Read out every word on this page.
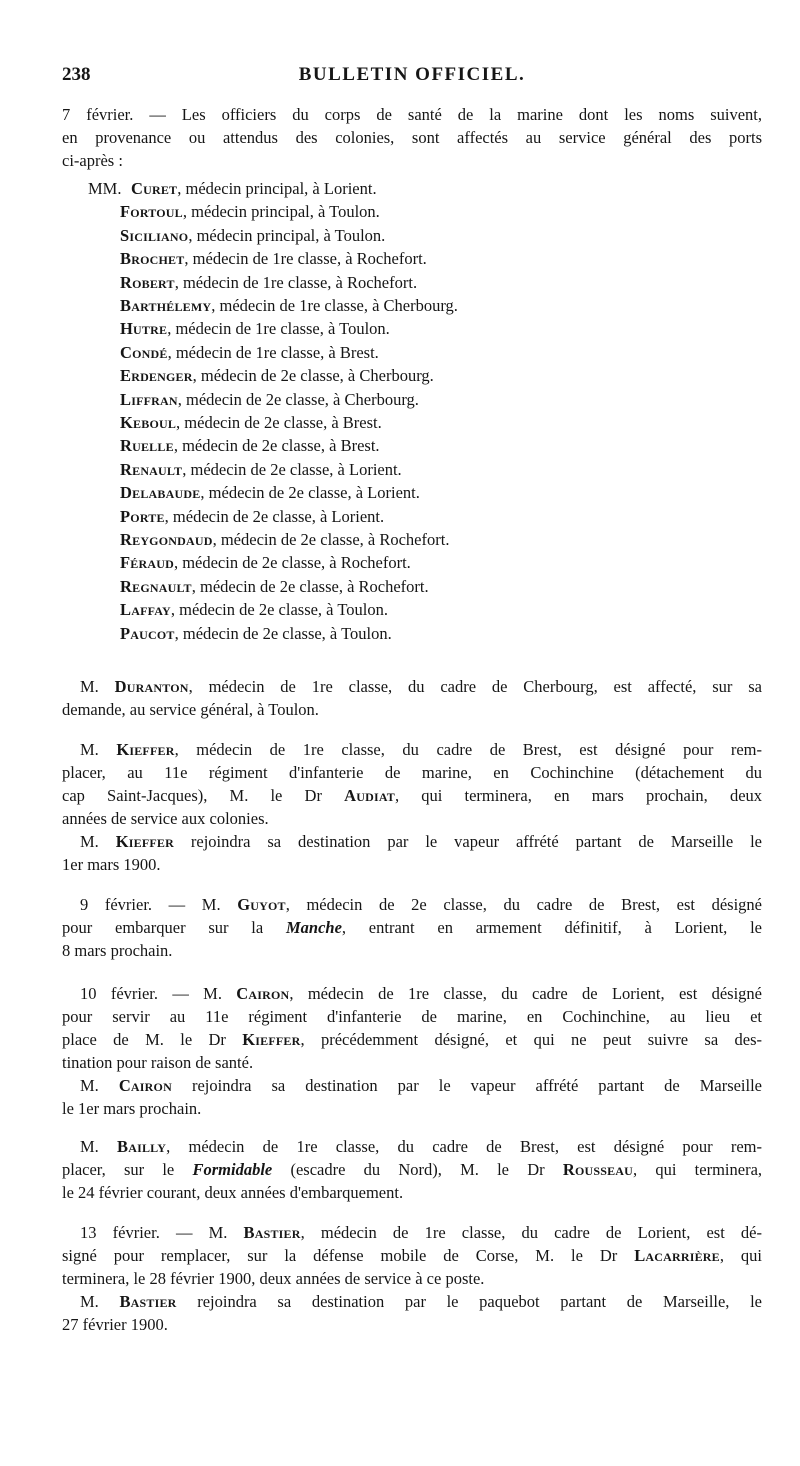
238	BULLETIN OFFICIEL.
7 février. — Les officiers du corps de santé de la marine dont les noms suivent,
en provenance ou attendus des colonies, sont affectés au service général des ports
ci-après :
MM. Curet, médecin principal, à Lorient.
Fortoul, médecin principal, à Toulon.
Siciliano, médecin principal, à Toulon.
Brochet, médecin de 1re classe, à Rochefort.
Robert, médecin de 1re classe, à Rochefort.
Barthélemy, médecin de 1re classe, à Cherbourg.
Hutre, médecin de 1re classe, à Toulon.
Condé, médecin de 1re classe, à Brest.
Erdenger, médecin de 2e classe, à Cherbourg.
Liffran, médecin de 2e classe, à Cherbourg.
Keboul, médecin de 2e classe, à Brest.
Ruelle, médecin de 2e classe, à Brest.
Renault, médecin de 2e classe, à Lorient.
Delabaude, médecin de 2e classe, à Lorient.
Porte, médecin de 2e classe, à Lorient.
Reygondaud, médecin de 2e classe, à Rochefort.
Féraud, médecin de 2e classe, à Rochefort.
Regnault, médecin de 2e classe, à Rochefort.
Laffay, médecin de 2e classe, à Toulon.
Paucot, médecin de 2e classe, à Toulon.
M. Duranton, médecin de 1re classe, du cadre de Cherbourg, est affecté, sur sa
demande, au service général, à Toulon.
M. Kieffer, médecin de 1re classe, du cadre de Brest, est désigné pour rem-
placer, au 11e régiment d'infanterie de marine, en Cochinchine (détachement du
cap Saint-Jacques), M. le Dr Audiat, qui terminera, en mars prochain, deux
années de service aux colonies.
M. Kieffer rejoindra sa destination par le vapeur affrété partant de Marseille le
1er mars 1900.
9 février. — M. Guyot, médecin de 2e classe, du cadre de Brest, est désigné
pour embarquer sur la Manche, entrant en armement définitif, à Lorient, le
8 mars prochain.
10 février. — M. Cairon, médecin de 1re classe, du cadre de Lorient, est désigné
pour servir au 11e régiment d'infanterie de marine, en Cochinchine, au lieu et
place de M. le Dr Kieffer, précédemment désigné, et qui ne peut suivre sa des-
tination pour raison de santé.
M. Cairon rejoindra sa destination par le vapeur affrété partant de Marseille
le 1er mars prochain.
M. Bailly, médecin de 1re classe, du cadre de Brest, est désigné pour rem-
placer, sur le Formidable (escadre du Nord), M. le Dr Rousseau, qui terminera,
le 24 février courant, deux années d'embarquement.
13 février. — M. Bastier, médecin de 1re classe, du cadre de Lorient, est dé-
signé pour remplacer, sur la défense mobile de Corse, M. le Dr Lacarrière, qui
terminera, le 28 février 1900, deux années de service à ce poste.
M. Bastier rejoindra sa destination par le paquebot partant de Marseille, le
27 février 1900.
